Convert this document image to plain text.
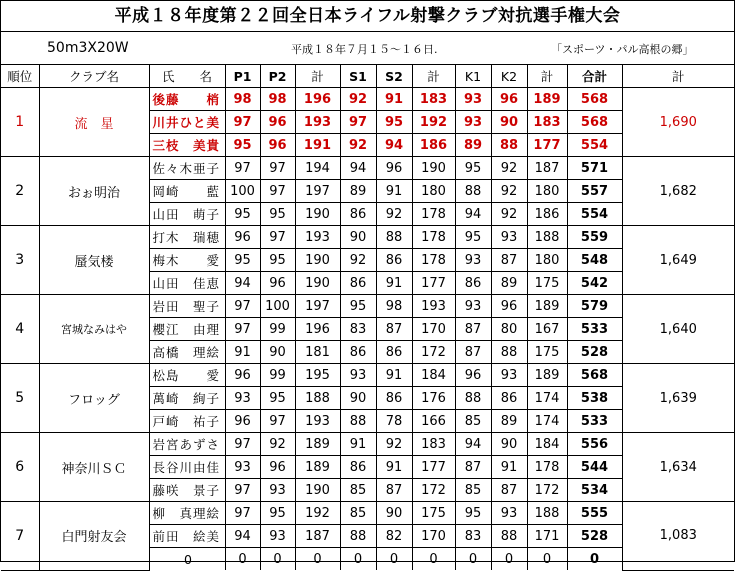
平成１８年度第２２回全日本ライフル射撃クラブ対抗選手権大会
50m3X20W	平成１８年７月１５～１６日.	「スポーツ・パル高根の郷」
順位	クラブ名	氏　　名	P1	P2	計	S1	S2	計	K1	K2	計	合計	計
1	流　星	後藤　　梢	98	98	196	92	91	183	93	96	189	568	1,690
		川井ひと美	97	96	193	97	95	192	93	90	183	568	
		三枝　美貴	95	96	191	92	94	186	89	88	177	554	
2	おぉ明治	佐々木亜子	97	97	194	94	96	190	95	92	187	571	1,682
		岡崎　　藍	100	97	197	89	91	180	88	92	180	557	
		山田　萌子	95	95	190	86	92	178	94	92	186	554	
3	蜃気楼	打木　瑞穂	96	97	193	90	88	178	95	93	188	559	1,649
		梅木　　愛	95	95	190	92	86	178	93	87	180	548	
		山田　佳恵	94	96	190	86	91	177	86	89	175	542	
4	宮城なみはや	岩田　聖子	97	100	197	95	98	193	93	96	189	579	1,640
		櫻江　由理	97	99	196	83	87	170	87	80	167	533	
		高橋　理絵	91	90	181	86	86	172	87	88	175	528	
5	フロッグ	松島　　愛	96	99	195	93	91	184	96	93	189	568	1,639
		萬崎　絢子	93	95	188	90	86	176	88	86	174	538	
		戸崎　祐子	96	97	193	88	78	166	85	89	174	533	
6	神奈川ＳＣ	岩宮あずさ	97	92	189	91	92	183	94	90	184	556	1,634
		長谷川由佳	93	96	189	86	91	177	87	91	178	544	
		藤咲　景子	97	93	190	85	87	172	85	87	172	534	
7	白門射友会	柳　真理絵	97	95	192	85	90	175	95	93	188	555	1,083
		前田　絵美	94	93	187	88	82	170	83	88	171	528	
		0	0	0	0	0	0	0	0	0	0	0	
